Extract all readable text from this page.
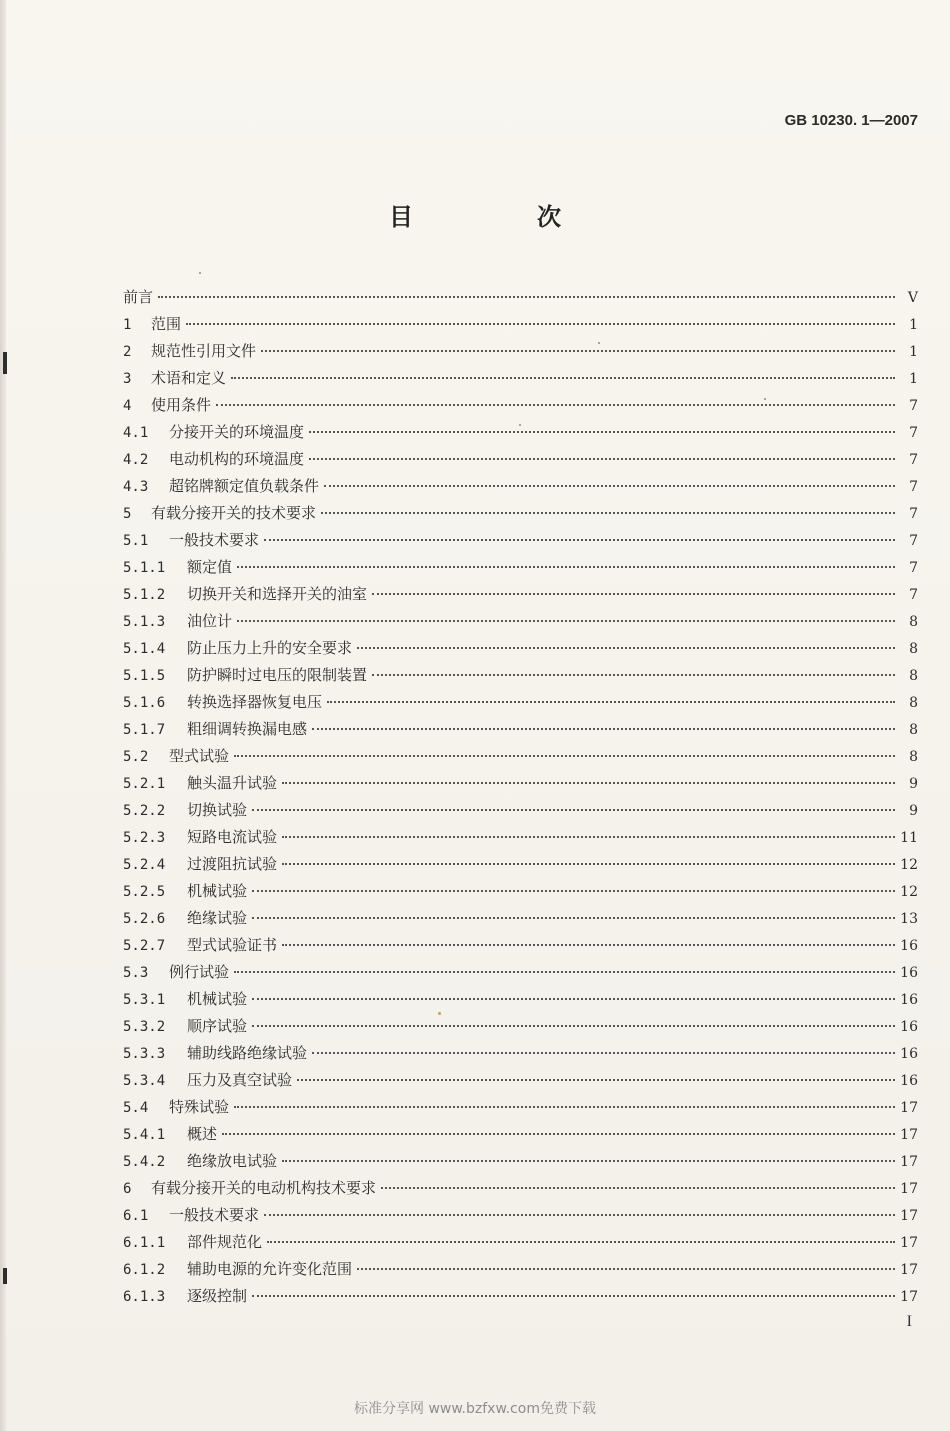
GB 10230. 1—2007
目　次
前言	V
1	范围	1
2	规范性引用文件	1
3	术语和定义	1
4	使用条件	7
4.1	分接开关的环境温度	7
4.2	电动机构的环境温度	7
4.3	超铭牌额定值负载条件	7
5	有载分接开关的技术要求	7
5.1	一般技术要求	7
5.1.1	额定值	7
5.1.2	切换开关和选择开关的油室	7
5.1.3	油位计	8
5.1.4	防止压力上升的安全要求	8
5.1.5	防护瞬时过电压的限制装置	8
5.1.6	转换选择器恢复电压	8
5.1.7	粗细调转换漏电感	8
5.2	型式试验	8
5.2.1	触头温升试验	9
5.2.2	切换试验	9
5.2.3	短路电流试验	11
5.2.4	过渡阻抗试验	12
5.2.5	机械试验	12
5.2.6	绝缘试验	13
5.2.7	型式试验证书	16
5.3	例行试验	16
5.3.1	机械试验	16
5.3.2	顺序试验	16
5.3.3	辅助线路绝缘试验	16
5.3.4	压力及真空试验	16
5.4	特殊试验	17
5.4.1	概述	17
5.4.2	绝缘放电试验	17
6	有载分接开关的电动机构技术要求	17
6.1	一般技术要求	17
6.1.1	部件规范化	17
6.1.2	辅助电源的允许变化范围	17
6.1.3	逐级控制	17
I
标准分享网 www.bzfxw.com免费下载
